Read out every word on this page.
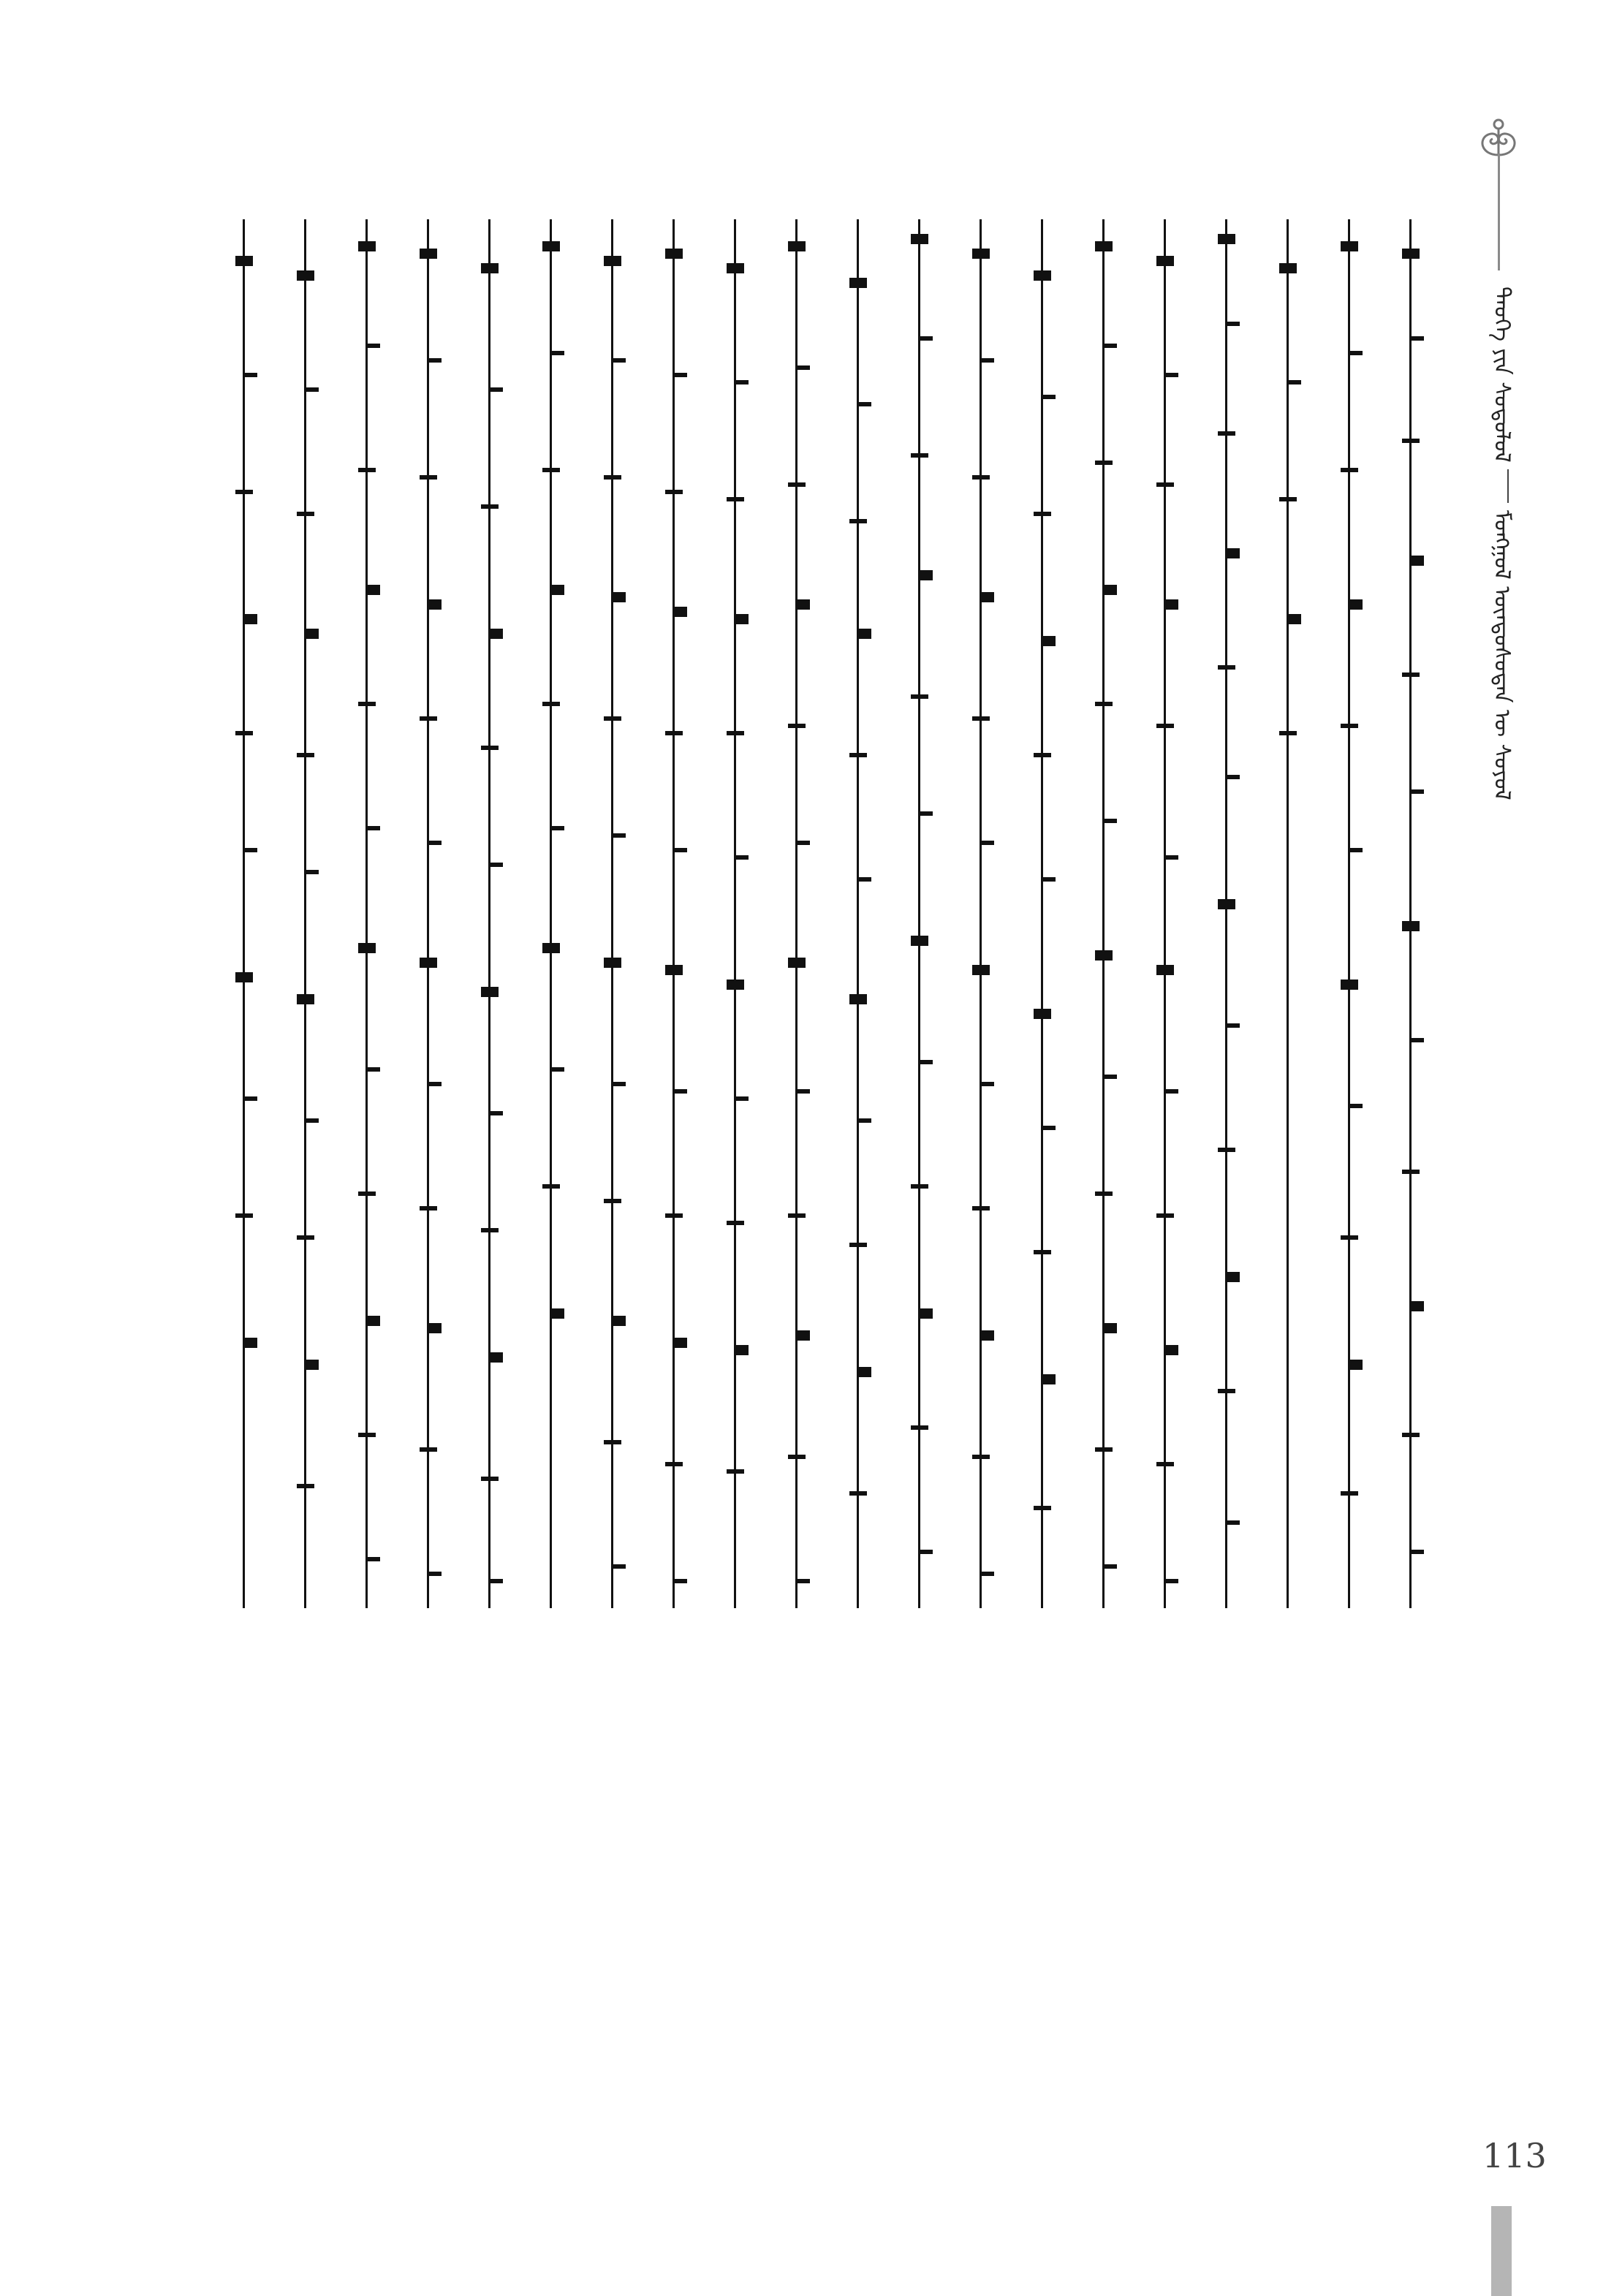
ᠲᠡᠦᠬᠡ ᠶᠢᠨ ᠰᠤᠳᠤᠯᠤᠯ  ᠮᠣᠩᠭᠣᠯ ᠦᠨᠳᠦᠰᠦᠲᠡᠨ ᠦ ᠰᠤᠶᠤᠯ
113
